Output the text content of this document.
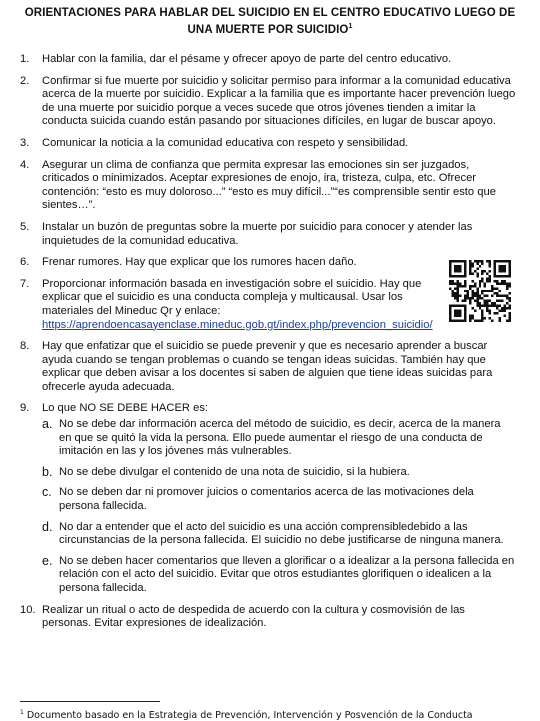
ORIENTACIONES PARA HABLAR DEL SUICIDIO EN EL CENTRO EDUCATIVO LUEGO DE
UNA MUERTE POR SUICIDIO$^1$
1.	Hablar con la familia, dar el pésame y ofrecer apoyo de parte del centro educativo.
2.	Confirmar si fue muerte por suicidio y solicitar permiso para informar a la comunidad educativa acerca de la muerte por suicidio. Explicar a la familia que es importante hacer prevención luego de una muerte por suicidio porque a veces sucede que otros jóvenes tienden a imitar la conducta suicida cuando están pasando por situaciones difíciles, en lugar de buscar apoyo.
3.	Comunicar la noticia a la comunidad educativa con respeto y sensibilidad.
4.	Asegurar un clima de confianza que permita expresar las emociones sin ser juzgados, criticados o minimizados. Aceptar expresiones de enojo, ira, tristeza, culpa, etc. Ofrecer contención: “esto es muy doloroso...” “esto es muy difícil...”“es comprensible sentir esto que sientes…”.
5.	Instalar un buzón de preguntas sobre la muerte por suicidio para conocer y atender las inquietudes de la comunidad educativa.
6.	Frenar rumores. Hay que explicar que los rumores hacen daño.
7.	Proporcionar información basada en investigación sobre el suicidio. Hay que explicar que el suicidio es una conducta compleja y multicausal. Usar los materiales del Mineduc Qr y enlace:
https://aprendoencasayenclase.mineduc.gob.gt/index.php/prevencion_suicidio/
8.	Hay que enfatizar que el suicidio se puede prevenir y que es necesario aprender a buscar ayuda cuando se tengan problemas o cuando se tengan ideas suicidas. También hay que explicar que deben avisar a los docentes si saben de alguien que tiene ideas suicidas para ofrecerle ayuda adecuada.
9.	Lo que NO SE DEBE HACER es:
a. No se debe dar información acerca del método de suicidio, es decir, acerca de la manera en que se quitó la vida la persona. Ello puede aumentar el riesgo de una conducta de imitación en las y los jóvenes más vulnerables.
b. No se debe divulgar el contenido de una nota de suicidio, si la hubiera.
c. No se deben dar ni promover juicios o comentarios acerca de las motivaciones dela persona fallecida.
d. No dar a entender que el acto del suicidio es una acción comprensibledebido a las circunstancias de la persona fallecida. El suicidio no debe justificarse de ninguna manera.
e. No se deben hacer comentarios que lleven a glorificar o a idealizar a la persona fallecida en relación con el acto del suicidio. Evitar que otros estudiantes glorifiquen o idealicen a la persona fallecida.
10. Realizar un ritual o acto de despedida de acuerdo con la cultura y cosmovisión de las personas. Evitar expresiones de idealización.
$^1$ Documento basado en la Estrategia de Prevención, Intervención y Posvención de la Conducta
